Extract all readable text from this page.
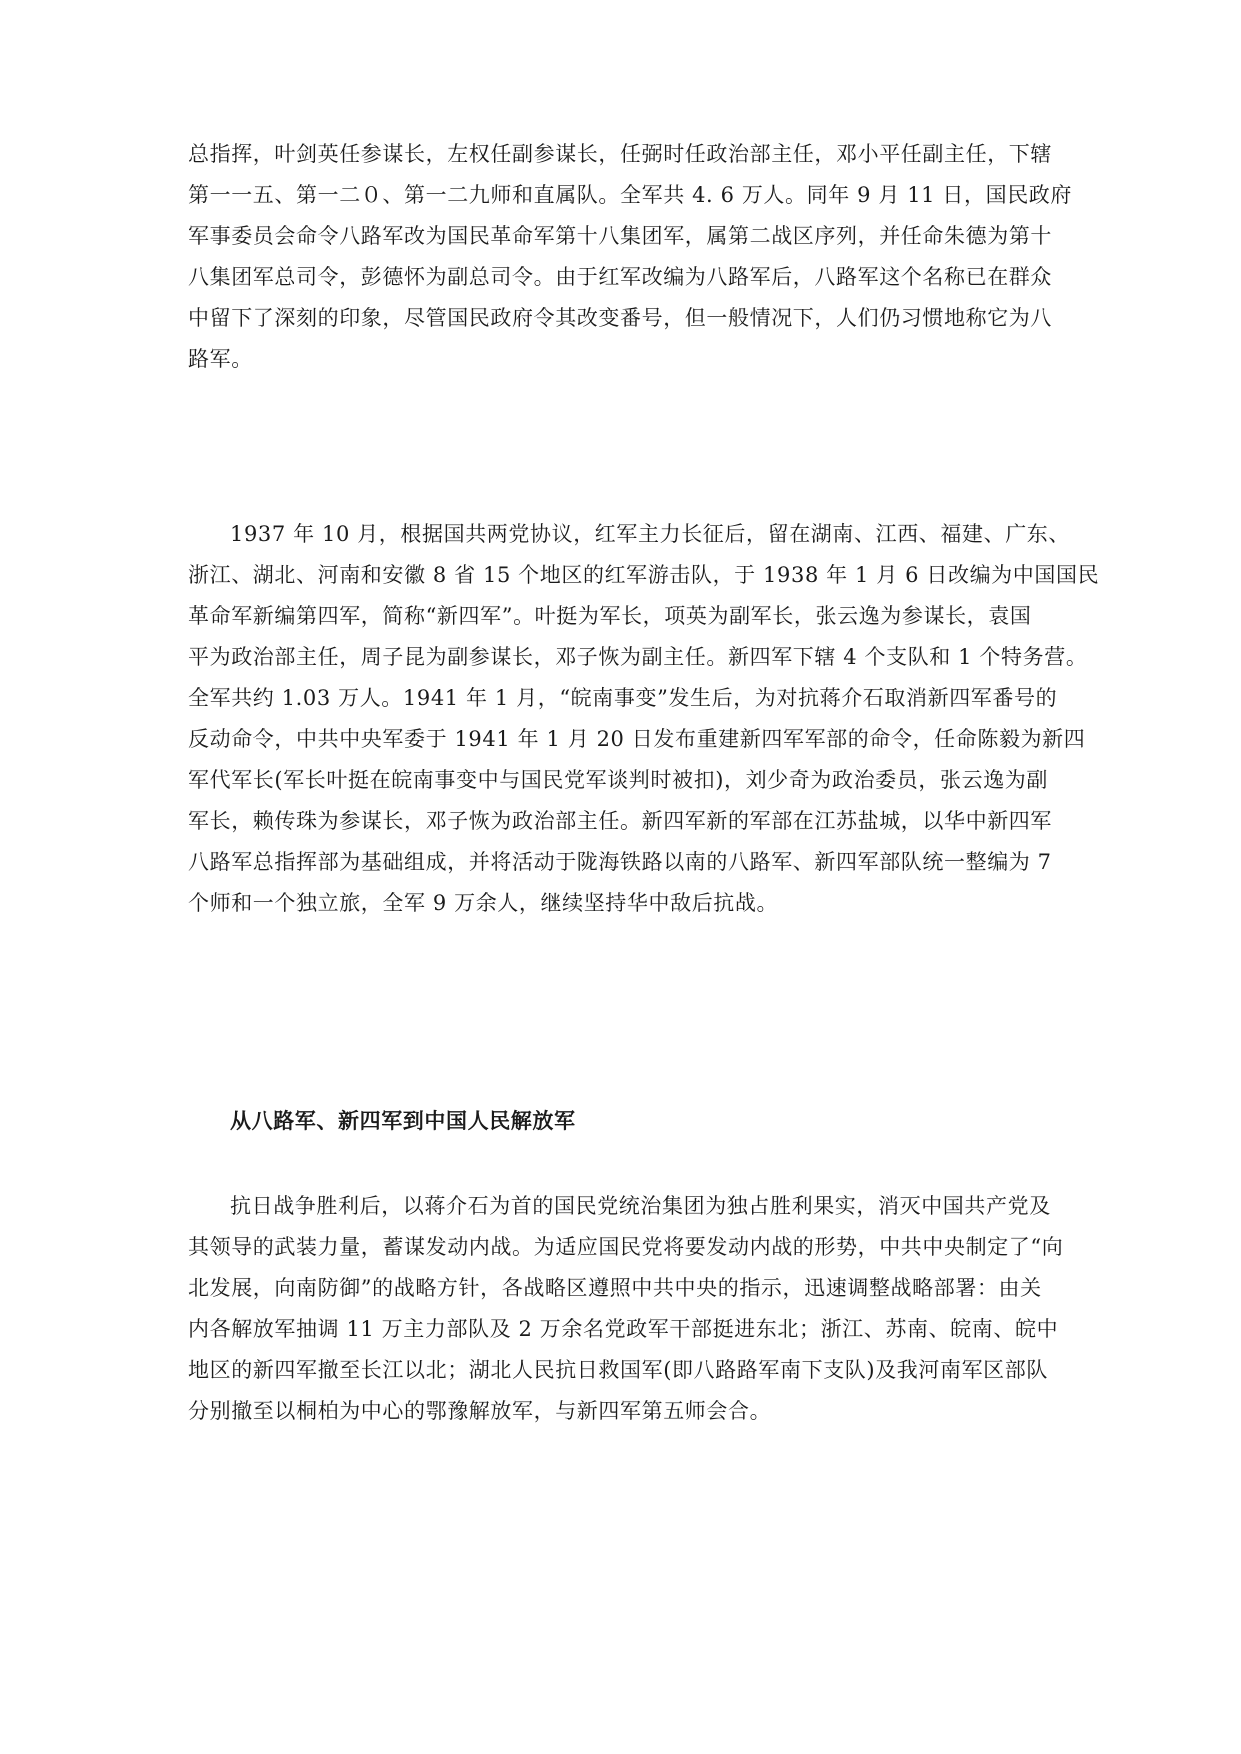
总指挥，叶剑英任参谋长，左权任副参谋长，任弼时任政治部主任，邓小平任副主任，下辖
第一一五、第一二０、第一二九师和直属队。全军共 4. 6 万人。同年 9 月 11 日，国民政府
军事委员会命令八路军改为国民革命军第十八集团军，属第二战区序列，并任命朱德为第十
八集团军总司令，彭德怀为副总司令。由于红军改编为八路军后，八路军这个名称已在群众
中留下了深刻的印象，尽管国民政府令其改变番号，但一般情况下，人们仍习惯地称它为八
路军。
1937 年 10 月，根据国共两党协议，红军主力长征后，留在湖南、江西、福建、广东、
浙江、湖北、河南和安徽 8 省 15 个地区的红军游击队，于 1938 年 1 月 6 日改编为中国国民
革命军新编第四军，简称“新四军”。叶挺为军长，项英为副军长，张云逸为参谋长，袁国
平为政治部主任，周子昆为副参谋长，邓子恢为副主任。新四军下辖 4 个支队和 1 个特务营。
全军共约 1.03 万人。1941 年 1 月，“皖南事变”发生后，为对抗蒋介石取消新四军番号的
反动命令，中共中央军委于 1941 年 1 月 20 日发布重建新四军军部的命令，任命陈毅为新四
军代军长(军长叶挺在皖南事变中与国民党军谈判时被扣)，刘少奇为政治委员，张云逸为副
军长，赖传珠为参谋长，邓子恢为政治部主任。新四军新的军部在江苏盐城，以华中新四军
八路军总指挥部为基础组成，并将活动于陇海铁路以南的八路军、新四军部队统一整编为 7
个师和一个独立旅，全军 9 万余人，继续坚持华中敌后抗战。
从八路军、新四军到中国人民解放军
抗日战争胜利后，以蒋介石为首的国民党统治集团为独占胜利果实，消灭中国共产党及
其领导的武装力量，蓄谋发动内战。为适应国民党将要发动内战的形势，中共中央制定了“向
北发展，向南防御”的战略方针，各战略区遵照中共中央的指示，迅速调整战略部署：由关
内各解放军抽调 11 万主力部队及 2 万余名党政军干部挺进东北；浙江、苏南、皖南、皖中
地区的新四军撤至长江以北；湖北人民抗日救国军(即八路路军南下支队)及我河南军区部队
分别撤至以桐柏为中心的鄂豫解放军，与新四军第五师会合。
